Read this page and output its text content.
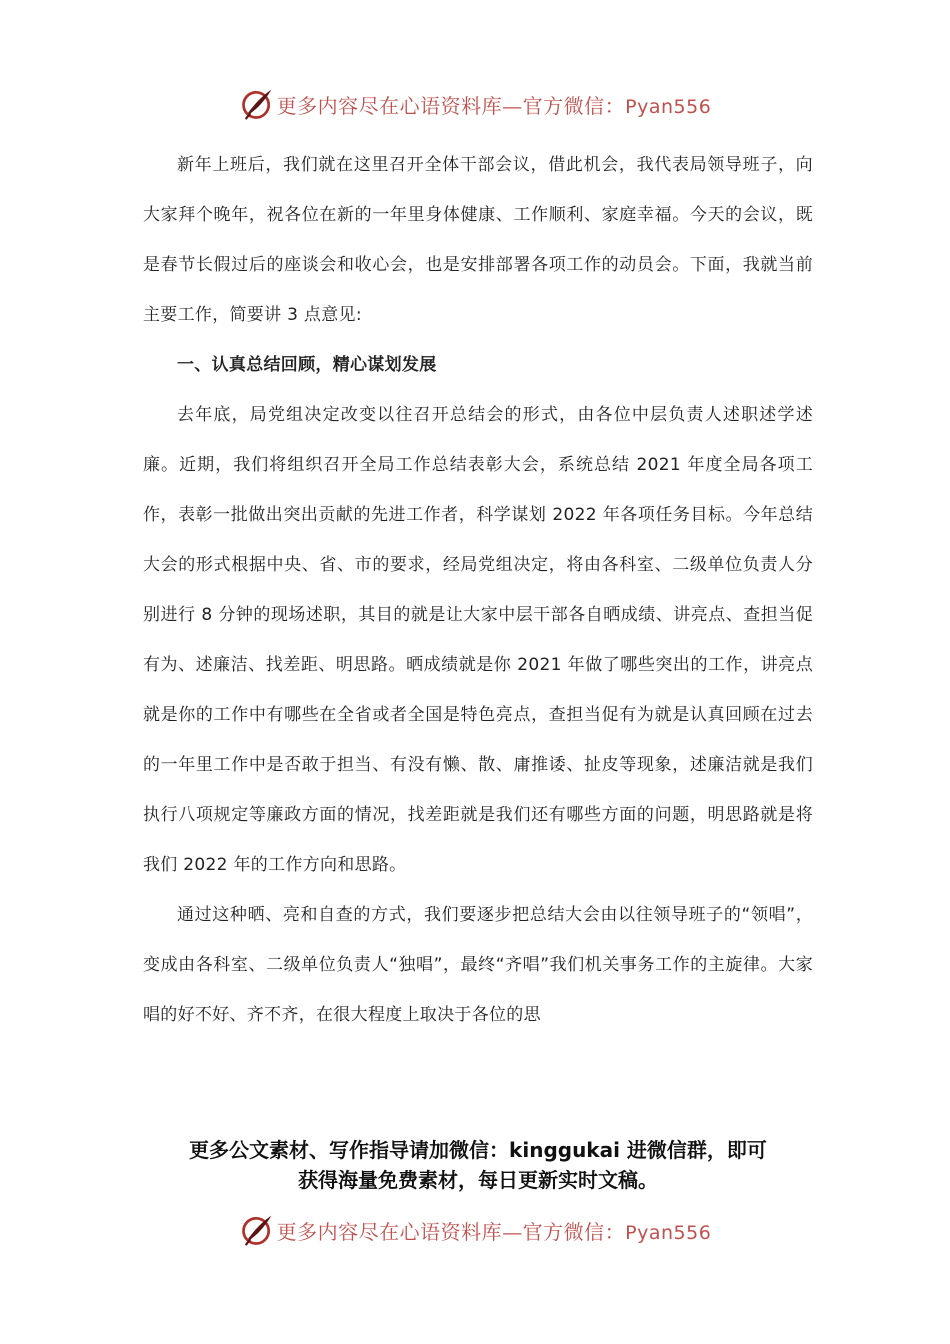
更多内容尽在心语资料库—官方微信：Pyan556

新年上班后，我们就在这里召开全体干部会议，借此机会，我代表局领导班子，向大家拜个晚年，祝各位在新的一年里身体健康、工作顺利、家庭幸福。今天的会议，既是春节长假过后的座谈会和收心会，也是安排部署各项工作的动员会。下面，我就当前主要工作，简要讲 3 点意见:

一、认真总结回顾，精心谋划发展

去年底，局党组决定改变以往召开总结会的形式，由各位中层负责人述职述学述廉。近期，我们将组织召开全局工作总结表彰大会，系统总结 2021 年度全局各项工作，表彰一批做出突出贡献的先进工作者，科学谋划 2022 年各项任务目标。今年总结大会的形式根据中央、省、市的要求，经局党组决定，将由各科室、二级单位负责人分别进行 8 分钟的现场述职，其目的就是让大家中层干部各自晒成绩、讲亮点、查担当促有为、述廉洁、找差距、明思路。晒成绩就是你 2021 年做了哪些突出的工作，讲亮点就是你的工作中有哪些在全省或者全国是特色亮点，查担当促有为就是认真回顾在过去的一年里工作中是否敢于担当、有没有懒、散、庸推诿、扯皮等现象，述廉洁就是我们执行八项规定等廉政方面的情况，找差距就是我们还有哪些方面的问题，明思路就是将我们 2022 年的工作方向和思路。

通过这种晒、亮和自查的方式，我们要逐步把总结大会由以往领导班子的“领唱”，变成由各科室、二级单位负责人“独唱”，最终“齐唱”我们机关事务工作的主旋律。大家唱的好不好、齐不齐，在很大程度上取决于各位的思

更多公文素材、写作指导请加微信：kinggukai 进微信群，即可
获得海量免费素材，每日更新实时文稿。
更多内容尽在心语资料库—官方微信：Pyan556
